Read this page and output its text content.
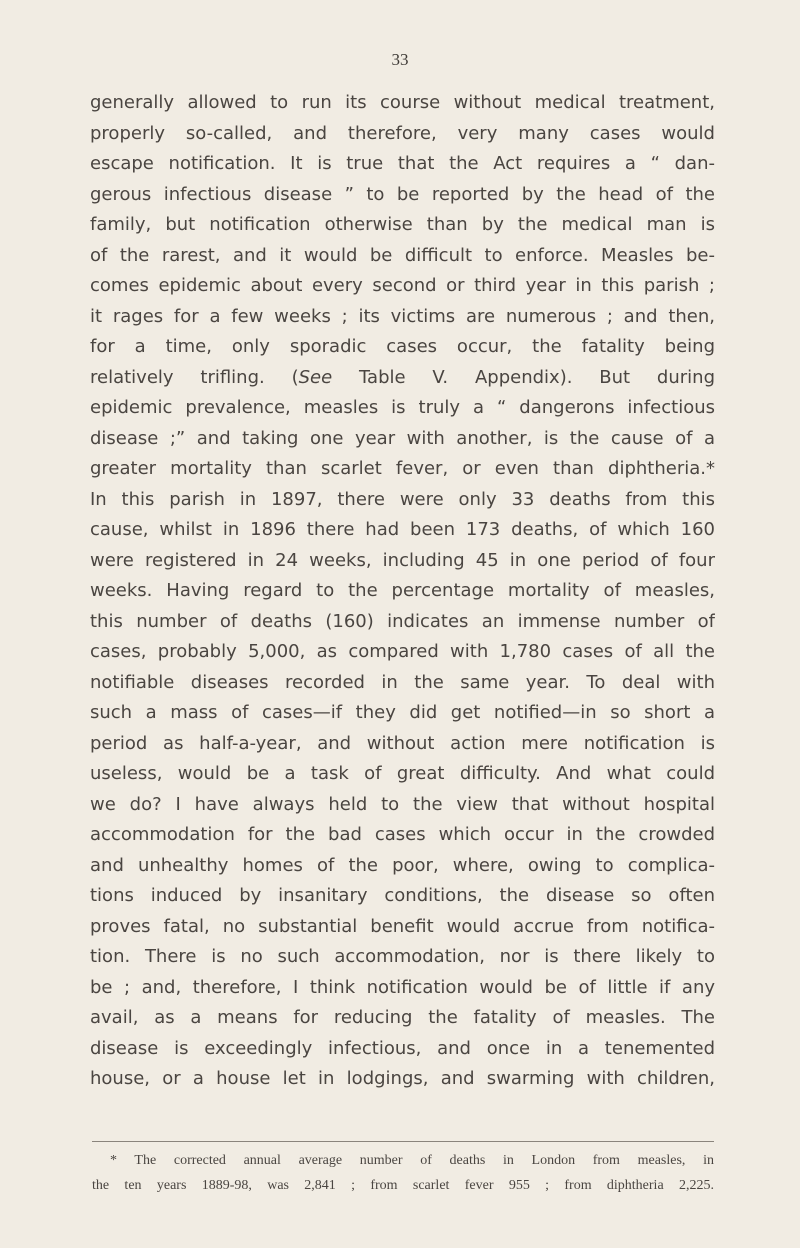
33
generally allowed to run its course without medical treatment,
properly so-called, and therefore, very many cases would
escape notification. It is true that the Act requires a “ dan-
gerous infectious disease ” to be reported by the head of the
family, but notification otherwise than by the medical man is
of the rarest, and it would be difficult to enforce. Measles be-
comes epidemic about every second or third year in this parish ;
it rages for a few weeks ; its victims are numerous ; and then,
for a time, only sporadic cases occur, the fatality being
relatively trifling. (See Table V. Appendix). But during
epidemic prevalence, measles is truly a “ dangerons infectious
disease ;” and taking one year with another, is the cause of a
greater mortality than scarlet fever, or even than diphtheria.*
In this parish in 1897, there were only 33 deaths from this
cause, whilst in 1896 there had been 173 deaths, of which 160
were registered in 24 weeks, including 45 in one period of four
weeks. Having regard to the percentage mortality of measles,
this number of deaths (160) indicates an immense number of
cases, probably 5,000, as compared with 1,780 cases of all the
notifiable diseases recorded in the same year. To deal with
such a mass of cases—if they did get notified—in so short a
period as half-a-year, and without action mere notification is
useless, would be a task of great difficulty. And what could
we do? I have always held to the view that without hospital
accommodation for the bad cases which occur in the crowded
and unhealthy homes of the poor, where, owing to complica-
tions induced by insanitary conditions, the disease so often
proves fatal, no substantial benefit would accrue from notifica-
tion. There is no such accommodation, nor is there likely to
be ; and, therefore, I think notification would be of little if any
avail, as a means for reducing the fatality of measles. The
disease is exceedingly infectious, and once in a tenemented
house, or a house let in lodgings, and swarming with children,
* The corrected annual average number of deaths in London from measles, in
the ten years 1889-98, was 2,841 ; from scarlet fever 955 ; from diphtheria 2,225.
